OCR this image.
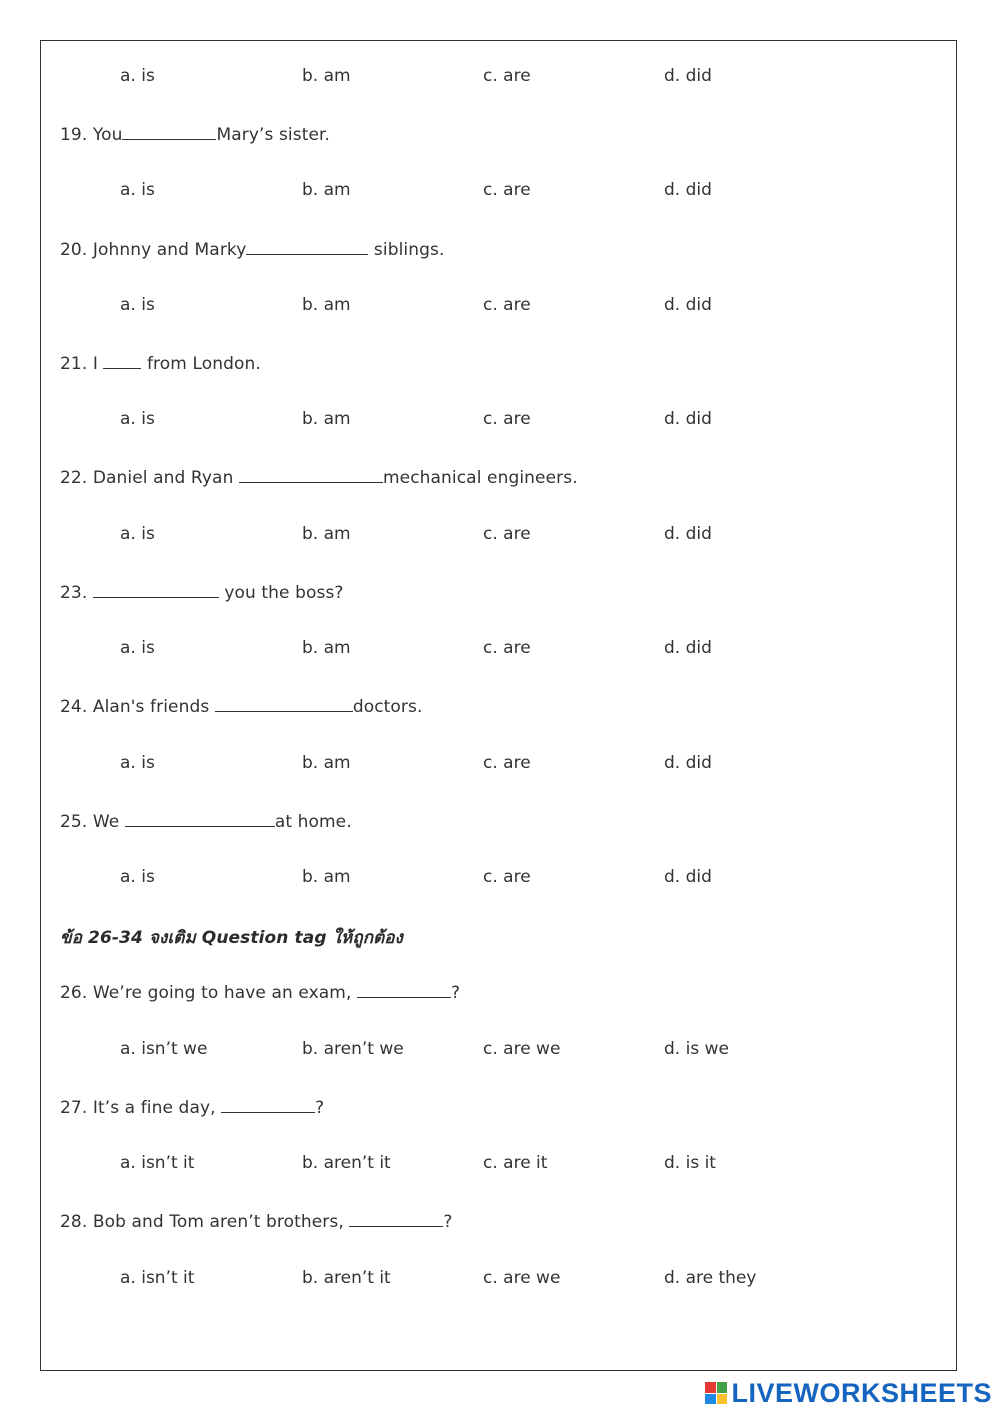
a. is	b. am	c. are	d. did
19. You	Mary’s sister.
a. is	b. am	c. are	d. did
20. Johnny and Marky	siblings.
a. is	b. am	c. are	d. did
21. I  from London.
a. is	b. am	c. are	d. did
22. Daniel and Ryan	mechanical engineers.
a. is	b. am	c. are	d. did
23.	you the boss?
a. is	b. am	c. are	d. did
24. Alan's friends	doctors.
a. is	b. am	c. are	d. did
25. We	at home.
a. is	b. am	c. are	d. did
ข้อ 26-34 จงเติม Question tag ให้ถูกต้อง
26. We’re going to have an exam,	?
a. isn’t we	b. aren’t we	c. are we	d. is we
27. It’s a fine day,	?
a. isn’t it	b. aren’t it	c. are it	d. is it
28. Bob and Tom aren’t brothers,	?
a. isn’t it	b. aren’t it	c. are we	d. are they
LIVEWORKSHEETS
